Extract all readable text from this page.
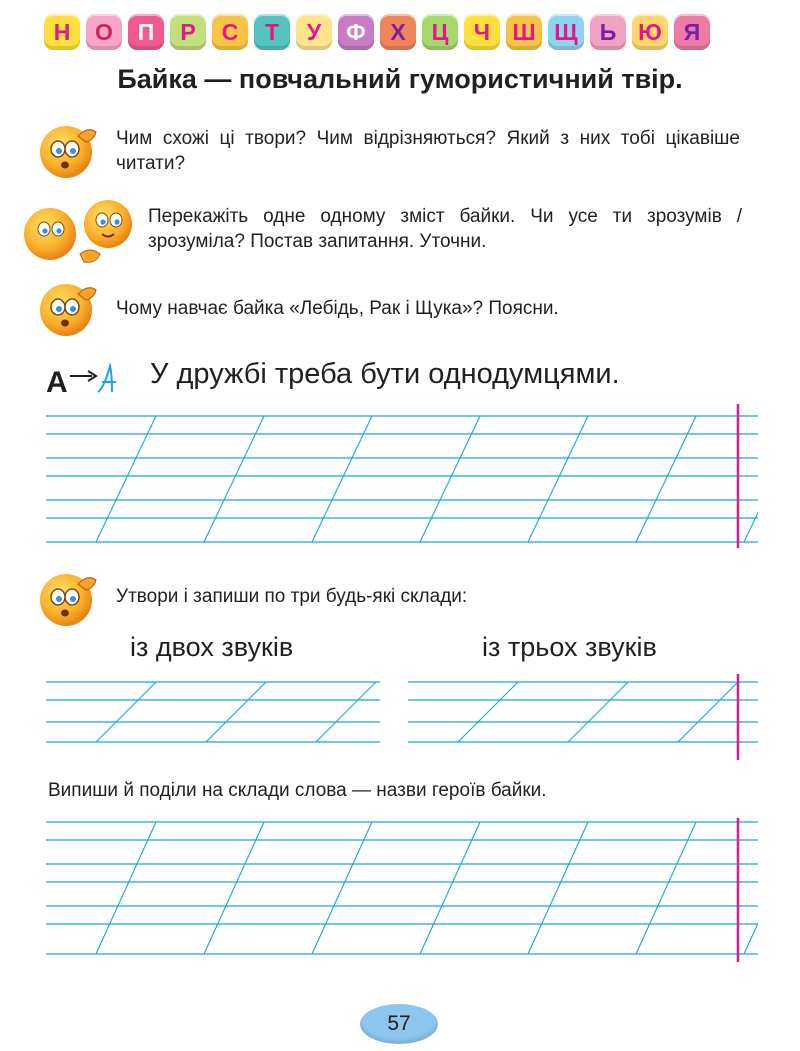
Н	О	П	Р	С	Т	У	Ф	Х	Ц	Ч Ш Щ Ь Ю Я
Байка — повчальний гумористичний твір.

Чим схожі ці твори? Чим відрізняються? Який з них тобі цікавіше читати?

Перекажіть одне одному зміст байки. Чи усе ти зрозумів / зрозуміла? Постав запитання. Уточни.

Чому навчає байка «Лебідь, Рак і Щука»? Поясни.

A	У дружбі треба бути однодумцями.

Утвори і запиши по три будь-які склади:

із двох звуків	із трьох звуків

Випиши й поділи на склади слова — назви героїв байки.

57
